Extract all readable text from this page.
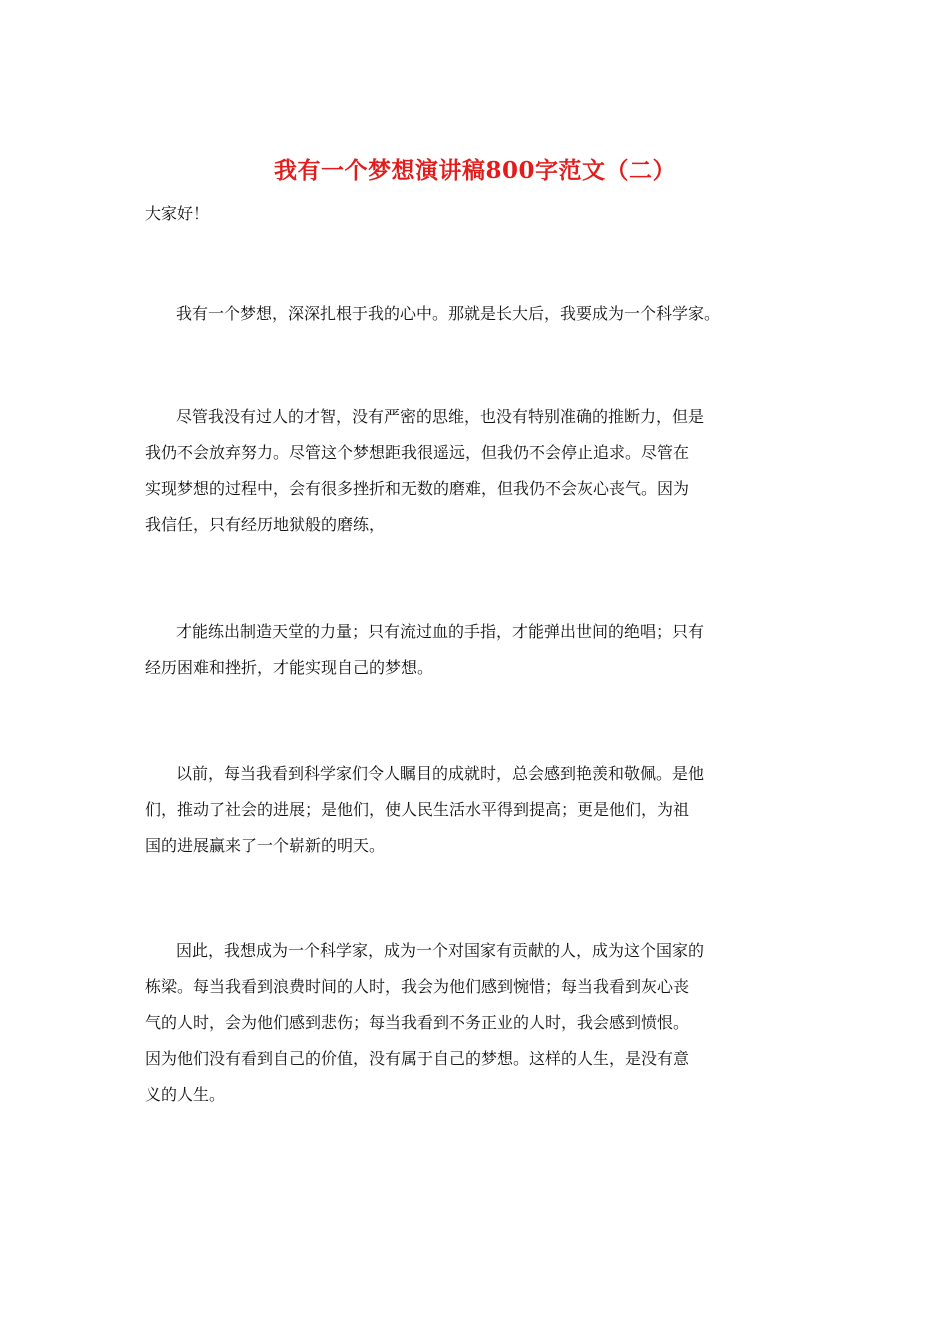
我有一个梦想演讲稿800字范文（二）
大家好！
我有一个梦想，深深扎根于我的心中。那就是长大后，我要成为一个科学家。
尽管我没有过人的才智，没有严密的思维，也没有特别准确的推断力，但是
我仍不会放弃努力。尽管这个梦想距我很遥远，但我仍不会停止追求。尽管在
实现梦想的过程中，会有很多挫折和无数的磨难，但我仍不会灰心丧气。因为
我信任，只有经历地狱般的磨练，
才能练出制造天堂的力量；只有流过血的手指，才能弹出世间的绝唱；只有
经历困难和挫折，才能实现自己的梦想。
以前，每当我看到科学家们令人瞩目的成就时，总会感到艳羡和敬佩。是他
们，推动了社会的进展；是他们，使人民生活水平得到提高；更是他们，为祖
国的进展赢来了一个崭新的明天。
因此，我想成为一个科学家，成为一个对国家有贡献的人，成为这个国家的
栋梁。每当我看到浪费时间的人时，我会为他们感到惋惜；每当我看到灰心丧
气的人时，会为他们感到悲伤；每当我看到不务正业的人时，我会感到愤恨。
因为他们没有看到自己的价值，没有属于自己的梦想。这样的人生，是没有意
义的人生。
